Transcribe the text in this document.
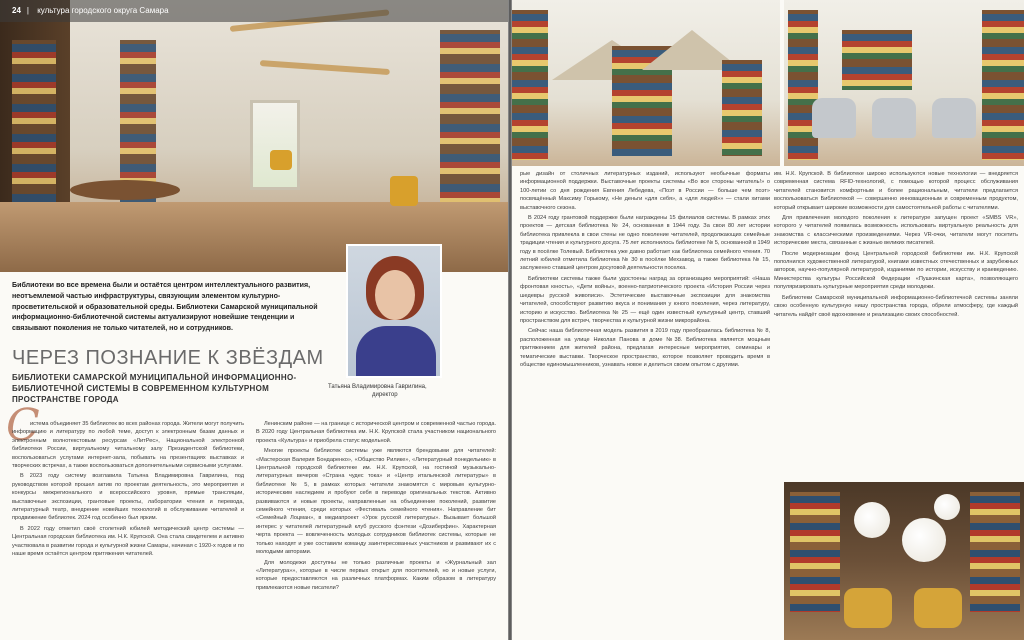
24 | культура городского округа Самара
Библиотеки во все времена были и остаётся центром интеллектуального развития, неотъемлемой частью инфраструктуры, связующим элементом культурно-просветительской и образовательной среды. Библиотеки Самарской муниципальной информационно-библиотечной системы актуализируют новейшие тенденции и связывают поколения не только читателей, но и сотрудников.
ЧЕРЕЗ ПОЗНАНИЕ К ЗВЁЗДАМ
БИБЛИОТЕКИ САМАРСКОЙ МУНИЦИПАЛЬНОЙ ИНФОРМАЦИОННО-БИБЛИОТЕЧНОЙ СИСТЕМЫ В СОВРЕМЕННОМ КУЛЬТУРНОМ ПРОСТРАНСТВЕ ГОРОДА
Татьяна Владимировна Гаврилина,
директор
С

истема объединяет 35 библиотек во всех районах города. Жители могут получить информацию и литературу по любой теме, доступ к электронным базам данных и электронным волнотекстовым ресурсам «ЛитРес», Национальной электронной библиотеки России, виртуальному читальному залу Президентской библиотеки, воспользоваться услугами интернет-зала, побывать на презентациях выставках и творческих встречах, а также воспользоваться дополнительными сервисными услугами.

В 2023 году систему возглавила Татьяна Владимировна Гаврилина, под руководством которой прошел актив по проектам деятельность, это мероприятия и конкурсы межрегионального и всероссийского уровня, прямые трансляции, выставочные экспозиции, грантовые проекты, лаборатории чтения и перевода, литературный театр, внедрение новейших технологий в обслуживание читателей и продвижение библиотек. 2024 год особенно был ярким.

В 2022 году отметил своё столетний юбилей методический центр системы — Центральная городская библиотека им. Н.К. Крупской. Она стала свидетелем и активно участвовала в развитии города и культурной жизни Самары, начиная с 1920-х годов и по наше время остаётся центром притяжения читателей.

Ленинским районе — на границе с исторической центром и современной частью города. В 2020 году Центральная библиотека им. Н.К. Крупской стала участником национального проекта «Культура» и приобрела статус модельной.

Многие проекты библиотек системы уже являются брендовыми для читателей: «Мастерская Валерия Бондаренко», «Общество Рилике», «Литературный понедельник» в Центральной городской библиотеке им. Н.К. Крупской, на гостиной музыкально-литературных вечеров «Страна чудес тока» и «Центр итальянской литературы» в библиотеке № 5, в рамках которых читатели знакомятся с мировым культурно-историческим наследием и пробуют себя в переводе оригинальных текстов. Активно развиваются и новые проекты, направленные на объединение поколений, развитие семейного чтения, среди которых «Фестиваль семейного чтения». Направление бит «Семейный Лоцман», в медиапроект «Урок русской литературы». Вызывает большой интерес у читателей литературный клуб русского фэнтези «Дозиберфин». Характерная черта проекта — вовлеченность молодых сотрудников библиотек системы, которые не только находят и уже составили команду заинтересованных участников и развивают их с молодыми авторами.

Для молодежи доступны не только различные проекты и «Журнальный зал «Литература»», которые в числе первых открыт для посетителей, но и новые услуги, которые предоставляются на различных платформах. Каким образом в литературу привлекаются новые писатели?

рые дизайн от столичных литературных изданий, используют необычные форматы информационной поддержки. Выставочные проекты системы «Во все стороны читатель!» о 100-летии со дня рождения Евгения Лебедева, «Поэт в России — больше чем поэт» посвящённый Максиму Горькому, «Не деньги «для себя», а «для людей»» — стали хитами выставочного сезона.

В 2024 году грантовой поддержке были награждены 15 филиалов системы. В рамках этих проектов — детская библиотека № 24, основанная в 1944 году. За свои 80 лет истории библиотека привлекла в свои стены не одно поколение читателей, продолжающих семейные традиции чтения и культурного досуга. 75 лет исполнилось библиотеке № 5, основанной в 1949 году в посёлке Толевый. Библиотека уже давно работает как библиотека семейного чтения. 70 летний юбилей отметила библиотека № 30 в посёлке Мехзавод, а также библиотека № 15, заслуженно ставшей центром досуговой деятельности поселка.

Библиотеки системы также были удостоены наград за организацию мероприятий: «Наша фронтовая юность», «Дети войны», военно-патриотического проекта «История России через шедевры русской живописи». Эстетические выставочные экспозиции для знакомства читателей, способствуют развитию вкуса и понимания у юного поколения, через литературу, историю и искусство. Библиотека № 25 — ещё один известный культурный центр, ставший пространством для встреч, творчества и культурной жизни микрорайона.

Сейчас наша библиотечная модель развития в 2019 году преобразилась библиотека № 8, расположенная на улице Николая Панова в доме №38. Библиотека является мощным притяжением для жителей района, предлагая интересные мероприятия, семинары и тематические выставки. Творческое пространство, которое позволяет проводить время в обществе единомышленников, узнавать новое и делиться своим опытом с другими.

им. Н.К. Крупской. В библиотеке широко используются новые технологии — внедряется современная система RFID-технологий, с помощью которой процесс обслуживания читателей становится комфортным и более рациональным, читатели предлагается воспользоваться Библиотекой — совершенно инновационным и современным продуктом, который открывает широкие возможности для самостоятельной работы с читателями.

Для привлечения молодого поколения к литературе запущен проект «SMBS VR», которого у читателей появилась возможность использовать виртуальную реальность для знакомства с классическими произведениями. Через VR-очки, читатели могут посетить исторические места, связанные с жизнью великих писателей.

После модернизации фонд Центральной городской библиотеки им. Н.К. Крупской пополнился художественной литературой, книгами известных отечественных и зарубежных авторов, научно-популярной литературой, изданиями по истории, искусству и краеведению. Министерства культуры Российской Федерации «Пушкинская карта», позволяющего популяризировать культурные мероприятия среди молодежи.

Библиотеки Самарской муниципальной информационно-библиотечной системы заняли свою особенную культурную нишу пространства города, обрели атмосферу, где каждый читатель найдёт своё вдохновение и реализацию своих способностей.
